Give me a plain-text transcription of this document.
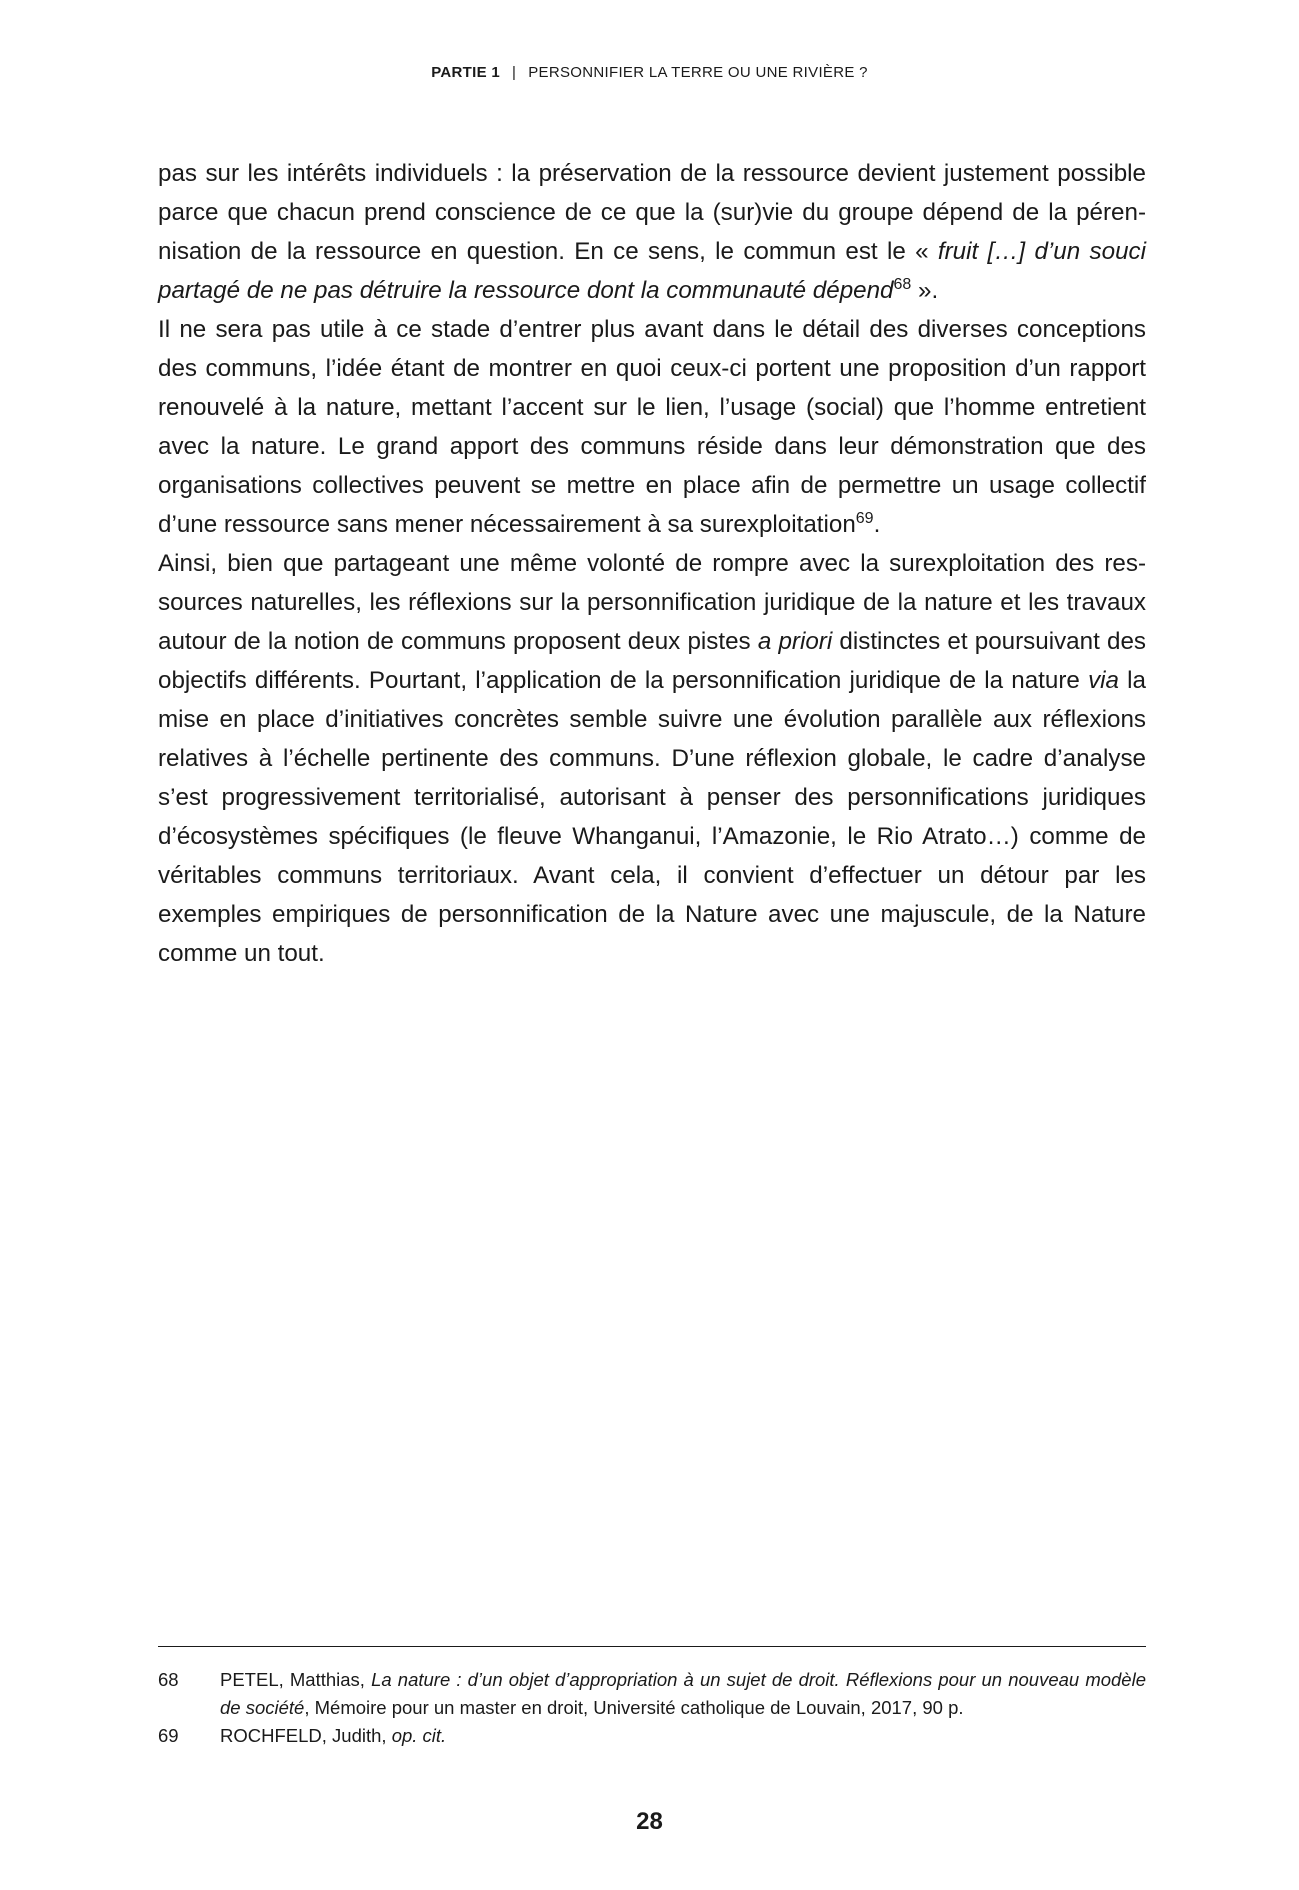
PARTIE 1 | PERSONNIFIER LA TERRE OU UNE RIVIÈRE ?

pas sur les intérêts individuels : la préservation de la ressource devient justement possible parce que chacun prend conscience de ce que la (sur)vie du groupe dépend de la pérennisation de la ressource en question. En ce sens, le commun est le « fruit […] d’un souci partagé de ne pas détruire la ressource dont la communauté dépend$^{68}$ ».

Il ne sera pas utile à ce stade d’entrer plus avant dans le détail des diverses conceptions des communs, l’idée étant de montrer en quoi ceux-ci portent une proposition d’un rapport renouvelé à la nature, mettant l’accent sur le lien, l’usage (social) que l’homme entretient avec la nature. Le grand apport des communs réside dans leur démonstration que des organisations collectives peuvent se mettre en place afin de permettre un usage collectif d’une ressource sans mener nécessairement à sa surexploitation$^{69}$.

Ainsi, bien que partageant une même volonté de rompre avec la surexploitation des ressources naturelles, les réflexions sur la personnification juridique de la nature et les travaux autour de la notion de communs proposent deux pistes a priori distinctes et poursuivant des objectifs différents. Pourtant, l’application de la personnification juridique de la nature via la mise en place d’initiatives concrètes semble suivre une évolution parallèle aux réflexions relatives à l’échelle pertinente des communs. D’une réflexion globale, le cadre d’analyse s’est progressivement territorialisé, autorisant à penser des personnifications juridiques d’écosystèmes spécifiques (le fleuve Whanganui, l’Amazonie, le Rio Atrato…) comme de véritables communs territoriaux. Avant cela, il convient d’effectuer un détour par les exemples empiriques de personnification de la Nature avec une majuscule, de la Nature comme un tout.

68	PETEL, Matthias, La nature : d’un objet d’appropriation à un sujet de droit. Réflexions pour un nouveau modèle de société, Mémoire pour un master en droit, Université catholique de Louvain, 2017, 90 p.
69	ROCHFELD, Judith, op. cit.
28
